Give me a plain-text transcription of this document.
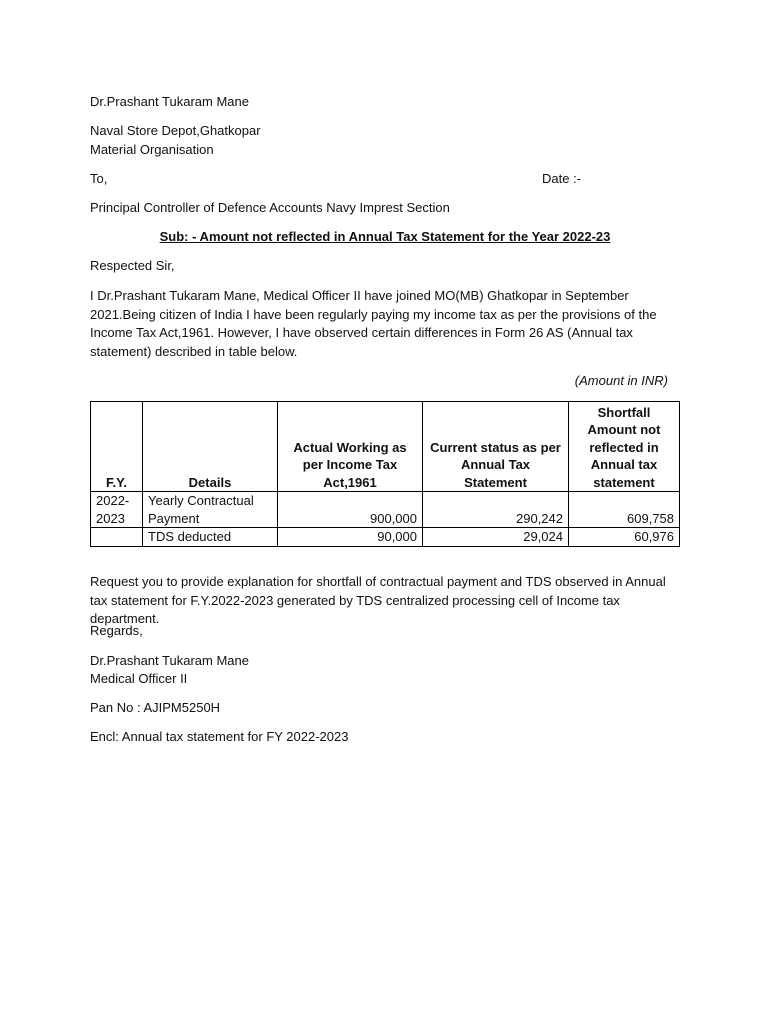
Dr.Prashant Tukaram Mane
Naval Store Depot,Ghatkopar
Material Organisation
To,	Date :-
Principal Controller of Defence Accounts Navy Imprest Section
Sub: - Amount not reflected in Annual Tax Statement for the Year 2022-23
Respected Sir,
I Dr.Prashant Tukaram Mane, Medical Officer II have joined MO(MB) Ghatkopar in September 2021.Being citizen of India I have been regularly paying my income tax as per the provisions of the Income Tax Act,1961. However, I have observed certain differences in Form 26 AS (Annual tax statement) described in table below.
(Amount in INR)
F.Y.	Details	Actual Working as per Income Tax Act,1961	Current status as per Annual Tax Statement	Shortfall Amount not reflected in Annual tax statement
2022-2023	Yearly Contractual Payment	900,000	290,242	609,758
	TDS deducted	90,000	29,024	60,976
Request you to provide explanation for shortfall of contractual payment and TDS observed in Annual tax statement for F.Y.2022-2023 generated by TDS centralized processing cell of Income tax department.
Regards,
Dr.Prashant Tukaram Mane
Medical Officer II
Pan No : AJIPM5250H
Encl: Annual tax statement for FY 2022-2023
